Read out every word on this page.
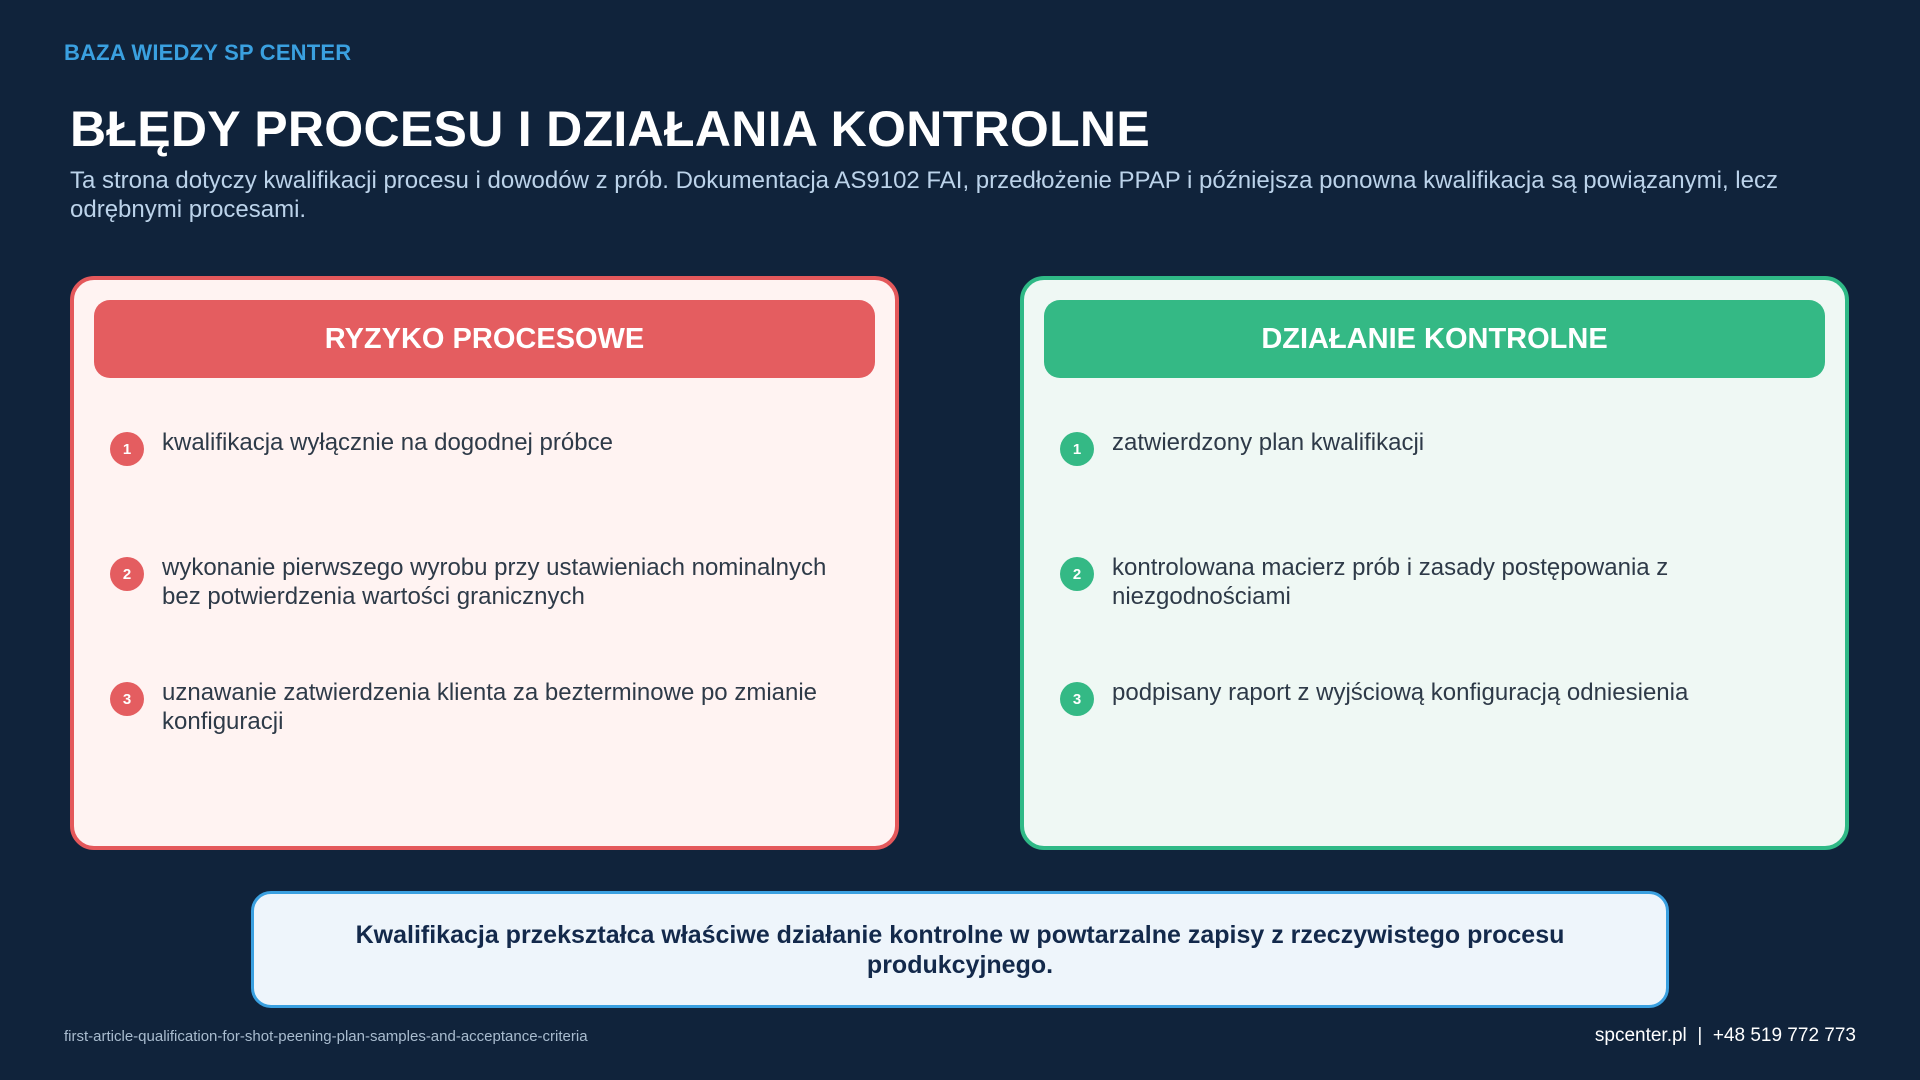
BAZA WIEDZY SP CENTER
BŁĘDY PROCESU I DZIAŁANIA KONTROLNE

Ta strona dotyczy kwalifikacji procesu i dowodów z prób. Dokumentacja AS9102 FAI, przedłożenie PPAP i późniejsza ponowna kwalifikacja są powiązanymi, lecz odrębnymi procesami.

RYZYKO PROCESOWE
1	kwalifikacja wyłącznie na dogodnej próbce
2	wykonanie pierwszego wyrobu przy ustawieniach nominalnych bez potwierdzenia wartości granicznych
3	uznawanie zatwierdzenia klienta za bezterminowe po zmianie konfiguracji
DZIAŁANIE KONTROLNE
1	zatwierdzony plan kwalifikacji
2	kontrolowana macierz prób i zasady postępowania z niezgodnościami
3	podpisany raport z wyjściową konfiguracją odniesienia
Kwalifikacja przekształca właściwe działanie kontrolne w powtarzalne zapisy z rzeczywistego procesu produkcyjnego.
first-article-qualification-for-shot-peening-plan-samples-and-acceptance-criteria	spcenter.pl  |  +48 519 772 773
